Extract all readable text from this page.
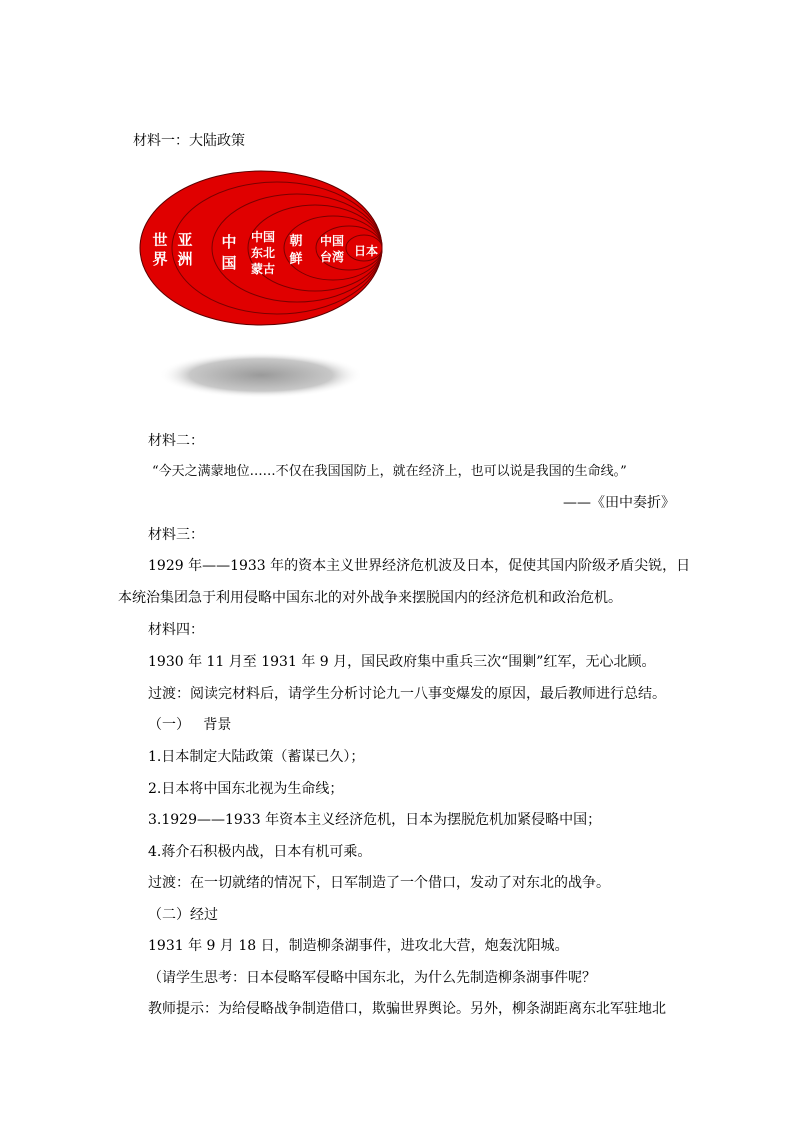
材料一：大陆政策
世
界
亚
洲
中
国
中国
东北
蒙古
朝
鲜
中国
台湾 日本
材料二：
“今天之满蒙地位……不仅在我国国防上，就在经济上，也可以说是我国的生命线。”
——《田中奏折》
材料三：
1929 年——1933 年的资本主义世界经济危机波及日本，促使其国内阶级矛盾尖锐，日
本统治集团急于利用侵略中国东北的对外战争来摆脱国内的经济危机和政治危机。
材料四：
1930 年 11 月至 1931 年 9 月，国民政府集中重兵三次“围剿”红军，无心北顾。
过渡：阅读完材料后，请学生分析讨论九一八事变爆发的原因，最后教师进行总结。
（一）   背景
1.日本制定大陆政策（蓄谋已久）；
2.日本将中国东北视为生命线；
3.1929——1933 年资本主义经济危机，日本为摆脱危机加紧侵略中国；
4.蒋介石积极内战，日本有机可乘。
过渡：在一切就绪的情况下，日军制造了一个借口，发动了对东北的战争。
（二）经过
1931 年 9 月 18 日，制造柳条湖事件，进攻北大营，炮轰沈阳城。
（请学生思考：日本侵略军侵略中国东北，为什么先制造柳条湖事件呢？
教师提示：为给侵略战争制造借口，欺骗世界舆论。另外，柳条湖距离东北军驻地北
